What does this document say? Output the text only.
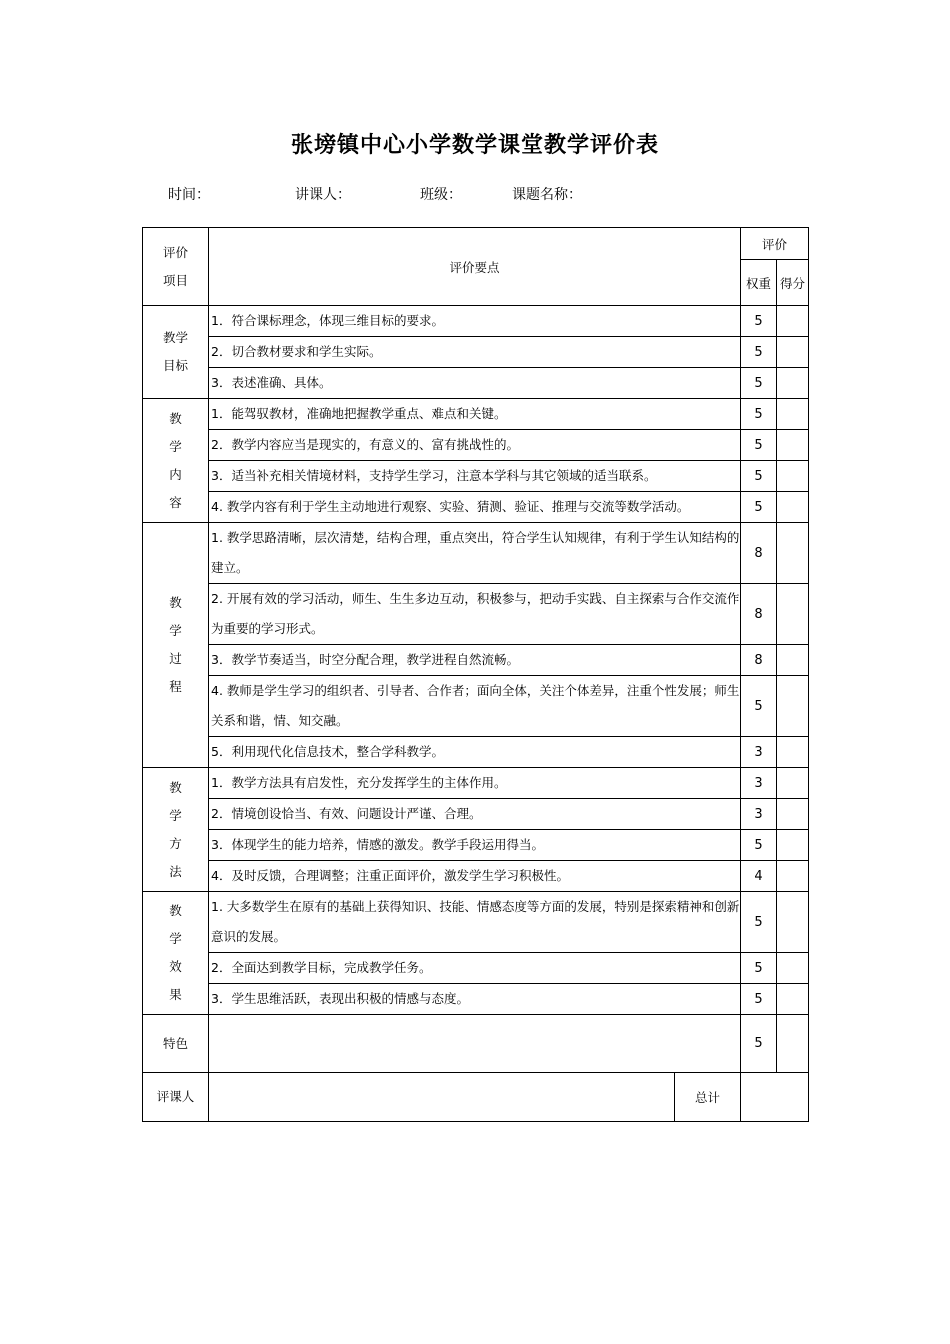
张塝镇中心小学数学课堂教学评价表
时间：	讲课人：	班级：	课题名称：
评价
项目	评价要点		评价	
			权重	得分
教学
目标	1．符合课标理念，体现三维目标的要求。		5	
	2．切合教材要求和学生实际。		5	
	3．表述准确、具体。		5	
教
学
内
容	1．能驾驭教材，准确地把握教学重点、难点和关键。		5	
	2．教学内容应当是现实的，有意义的、富有挑战性的。		5	
	3．适当补充相关情境材料，支持学生学习，注意本学科与其它领域的适当联系。		5	
	4. 教学内容有利于学生主动地进行观察、实验、猜测、验证、推理与交流等数学活动。		5	
教
学
过
程	1. 教学思路清晰，层次清楚，结构合理，重点突出，符合学生认知规律，有利于学生认知结构的建立。		8	
	2. 开展有效的学习活动，师生、生生多边互动，积极参与，把动手实践、自主探索与合作交流作为重要的学习形式。		8	
	3．教学节奏适当，时空分配合理，教学进程自然流畅。		8	
	4. 教师是学生学习的组织者、引导者、合作者；面向全体，关注个体差异，注重个性发展；师生关系和谐，情、知交融。		5	
	5．利用现代化信息技术，整合学科教学。		3	
教
学
方
法	1．教学方法具有启发性，充分发挥学生的主体作用。		3	
	2．情境创设恰当、有效、问题设计严谨、合理。		3	
	3．体现学生的能力培养，情感的激发。教学手段运用得当。		5	
	4．及时反馈，合理调整；注重正面评价，激发学生学习积极性。		4	
教
学
效
果	1. 大多数学生在原有的基础上获得知识、技能、情感态度等方面的发展，特别是探索精神和创新意识的发展。		5	
	2．全面达到教学目标，完成教学任务。		5	
	3．学生思维活跃，表现出积极的情感与态度。		5	
特色			5	
评课人		总计		
